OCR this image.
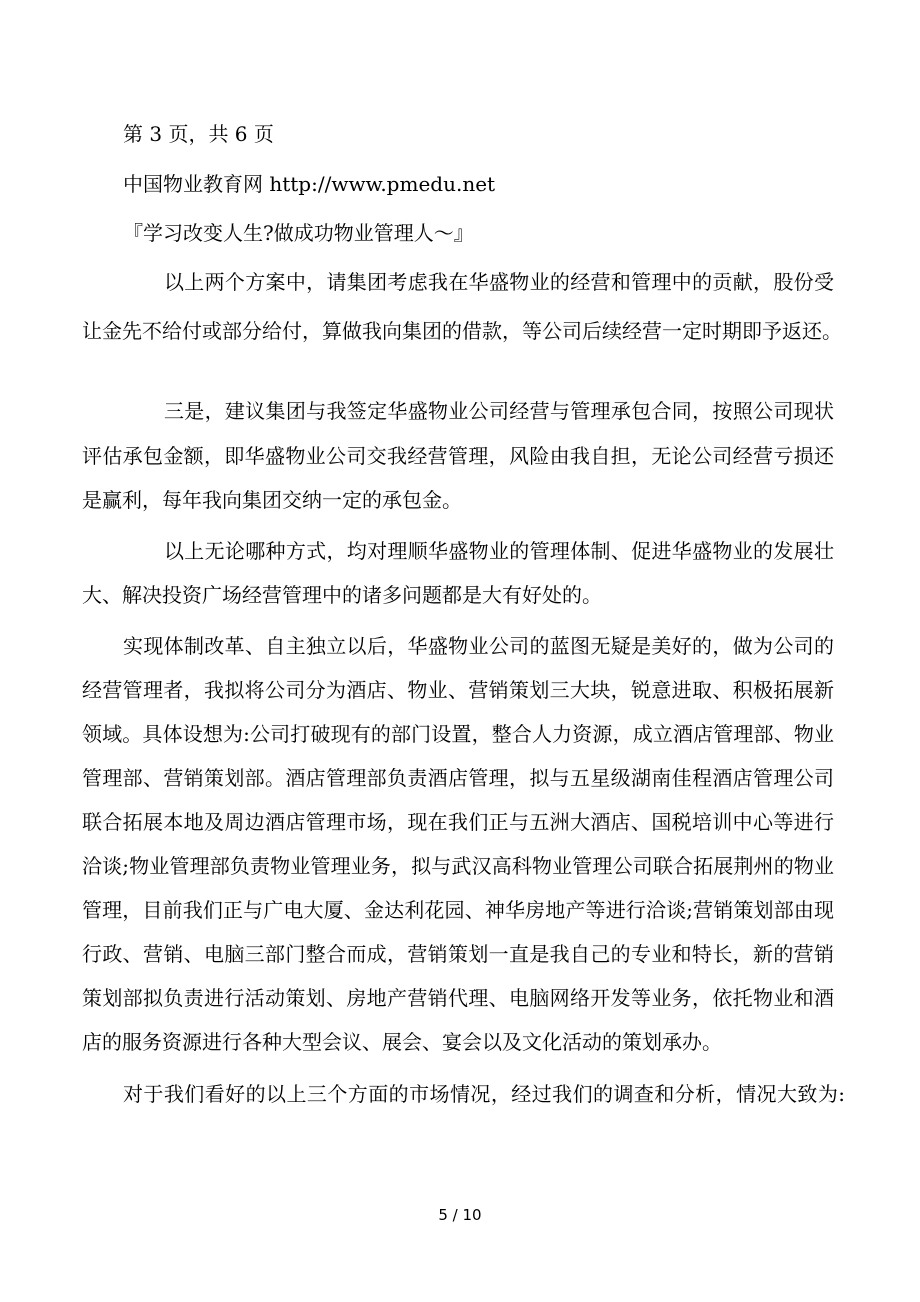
第 3 页，共 6 页
中国物业教育网 http://www.pmedu.net
『学习改变人生?做成功物业管理人～』
以上两个方案中，请集团考虑我在华盛物业的经营和管理中的贡献，股份受
让金先不给付或部分给付，算做我向集团的借款，等公司后续经营一定时期即予返还。
三是，建议集团与我签定华盛物业公司经营与管理承包合同，按照公司现状
评估承包金额，即华盛物业公司交我经营管理，风险由我自担，无论公司经营亏损还
是赢利，每年我向集团交纳一定的承包金。
以上无论哪种方式，均对理顺华盛物业的管理体制、促进华盛物业的发展壮
大、解决投资广场经营管理中的诸多问题都是大有好处的。
实现体制改革、自主独立以后，华盛物业公司的蓝图无疑是美好的，做为公司的
经营管理者，我拟将公司分为酒店、物业、营销策划三大块，锐意进取、积极拓展新
领域。具体设想为:公司打破现有的部门设置，整合人力资源，成立酒店管理部、物业
管理部、营销策划部。酒店管理部负责酒店管理，拟与五星级湖南佳程酒店管理公司
联合拓展本地及周边酒店管理市场，现在我们正与五洲大酒店、国税培训中心等进行
洽谈;物业管理部负责物业管理业务，拟与武汉高科物业管理公司联合拓展荆州的物业
管理，目前我们正与广电大厦、金达利花园、神华房地产等进行洽谈;营销策划部由现
行政、营销、电脑三部门整合而成，营销策划一直是我自己的专业和特长，新的营销
策划部拟负责进行活动策划、房地产营销代理、电脑网络开发等业务，依托物业和酒
店的服务资源进行各种大型会议、展会、宴会以及文化活动的策划承办。
对于我们看好的以上三个方面的市场情况，经过我们的调查和分析，情况大致为:
5 / 10
